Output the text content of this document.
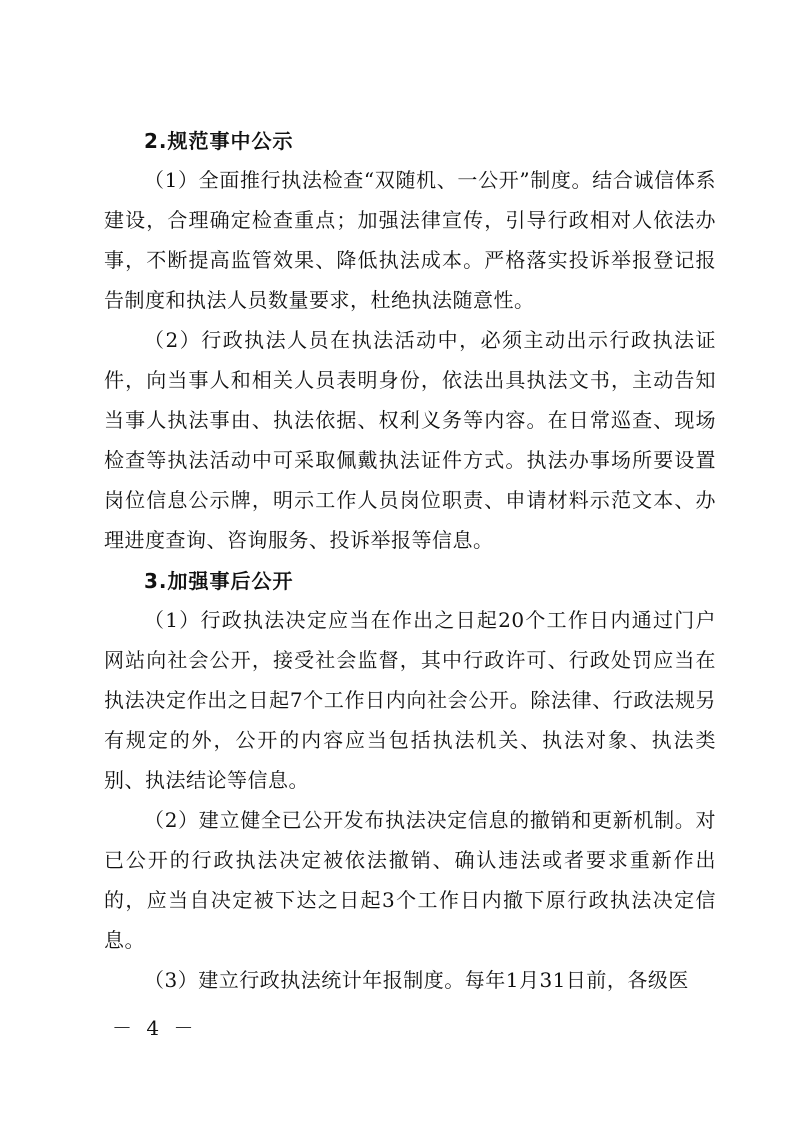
2.规范事中公示

（1）全面推行执法检查“双随机、一公开”制度。结合诚信体系建设，合理确定检查重点；加强法律宣传，引导行政相对人依法办事，不断提高监管效果、降低执法成本。严格落实投诉举报登记报告制度和执法人员数量要求，杜绝执法随意性。

（2）行政执法人员在执法活动中，必须主动出示行政执法证件，向当事人和相关人员表明身份，依法出具执法文书，主动告知当事人执法事由、执法依据、权利义务等内容。在日常巡查、现场检查等执法活动中可采取佩戴执法证件方式。执法办事场所要设置岗位信息公示牌，明示工作人员岗位职责、申请材料示范文本、办理进度查询、咨询服务、投诉举报等信息。

3.加强事后公开

（1）行政执法决定应当在作出之日起20个工作日内通过门户网站向社会公开，接受社会监督，其中行政许可、行政处罚应当在执法决定作出之日起7个工作日内向社会公开。除法律、行政法规另有规定的外，公开的内容应当包括执法机关、执法对象、执法类别、执法结论等信息。

（2）建立健全已公开发布执法决定信息的撤销和更新机制。对已公开的行政执法决定被依法撤销、确认违法或者要求重新作出的，应当自决定被下达之日起3个工作日内撤下原行政执法决定信息。

（3）建立行政执法统计年报制度。每年1月31日前，各级医

－ 4 －
